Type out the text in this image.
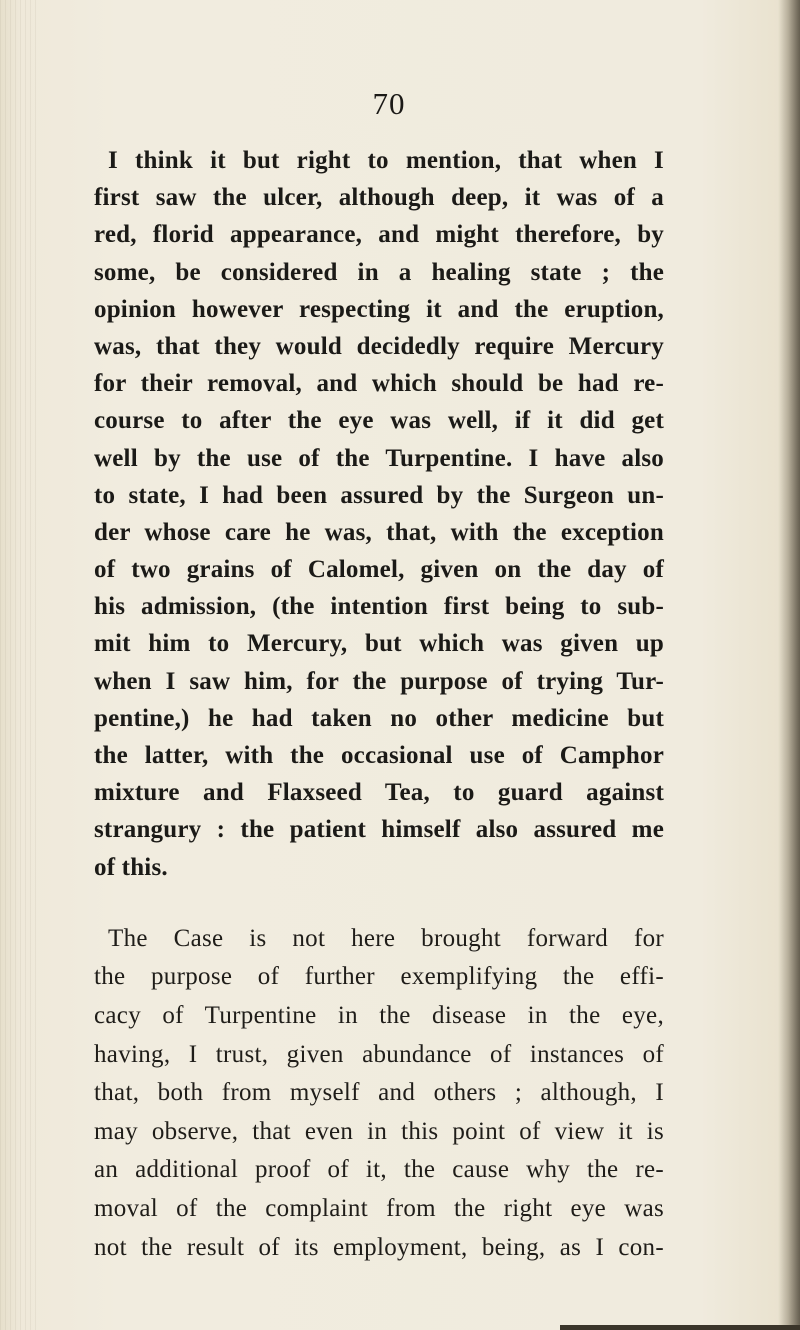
70
I think it but right to mention, that when I
first saw the ulcer, although deep, it was of a
red, florid appearance, and might therefore, by
some, be considered in a healing state ; the
opinion however respecting it and the eruption,
was, that they would decidedly require Mercury
for their removal, and which should be had re-
course to after the eye was well, if it did get
well by the use of the Turpentine. I have also
to state, I had been assured by the Surgeon un-
der whose care he was, that, with the exception
of two grains of Calomel, given on the day of
his admission, (the intention first being to sub-
mit him to Mercury, but which was given up
when I saw him, for the purpose of trying Tur-
pentine,) he had taken no other medicine but
the latter, with the occasional use of Camphor
mixture and Flaxseed Tea, to guard against
strangury : the patient himself also assured me
of this.
The Case is not here brought forward for
the purpose of further exemplifying the effi-
cacy of Turpentine in the disease in the eye,
having, I trust, given abundance of instances of
that, both from myself and others ; although, I
may observe, that even in this point of view it is
an additional proof of it, the cause why the re-
moval of the complaint from the right eye was
not the result of its employment, being, as I con-
